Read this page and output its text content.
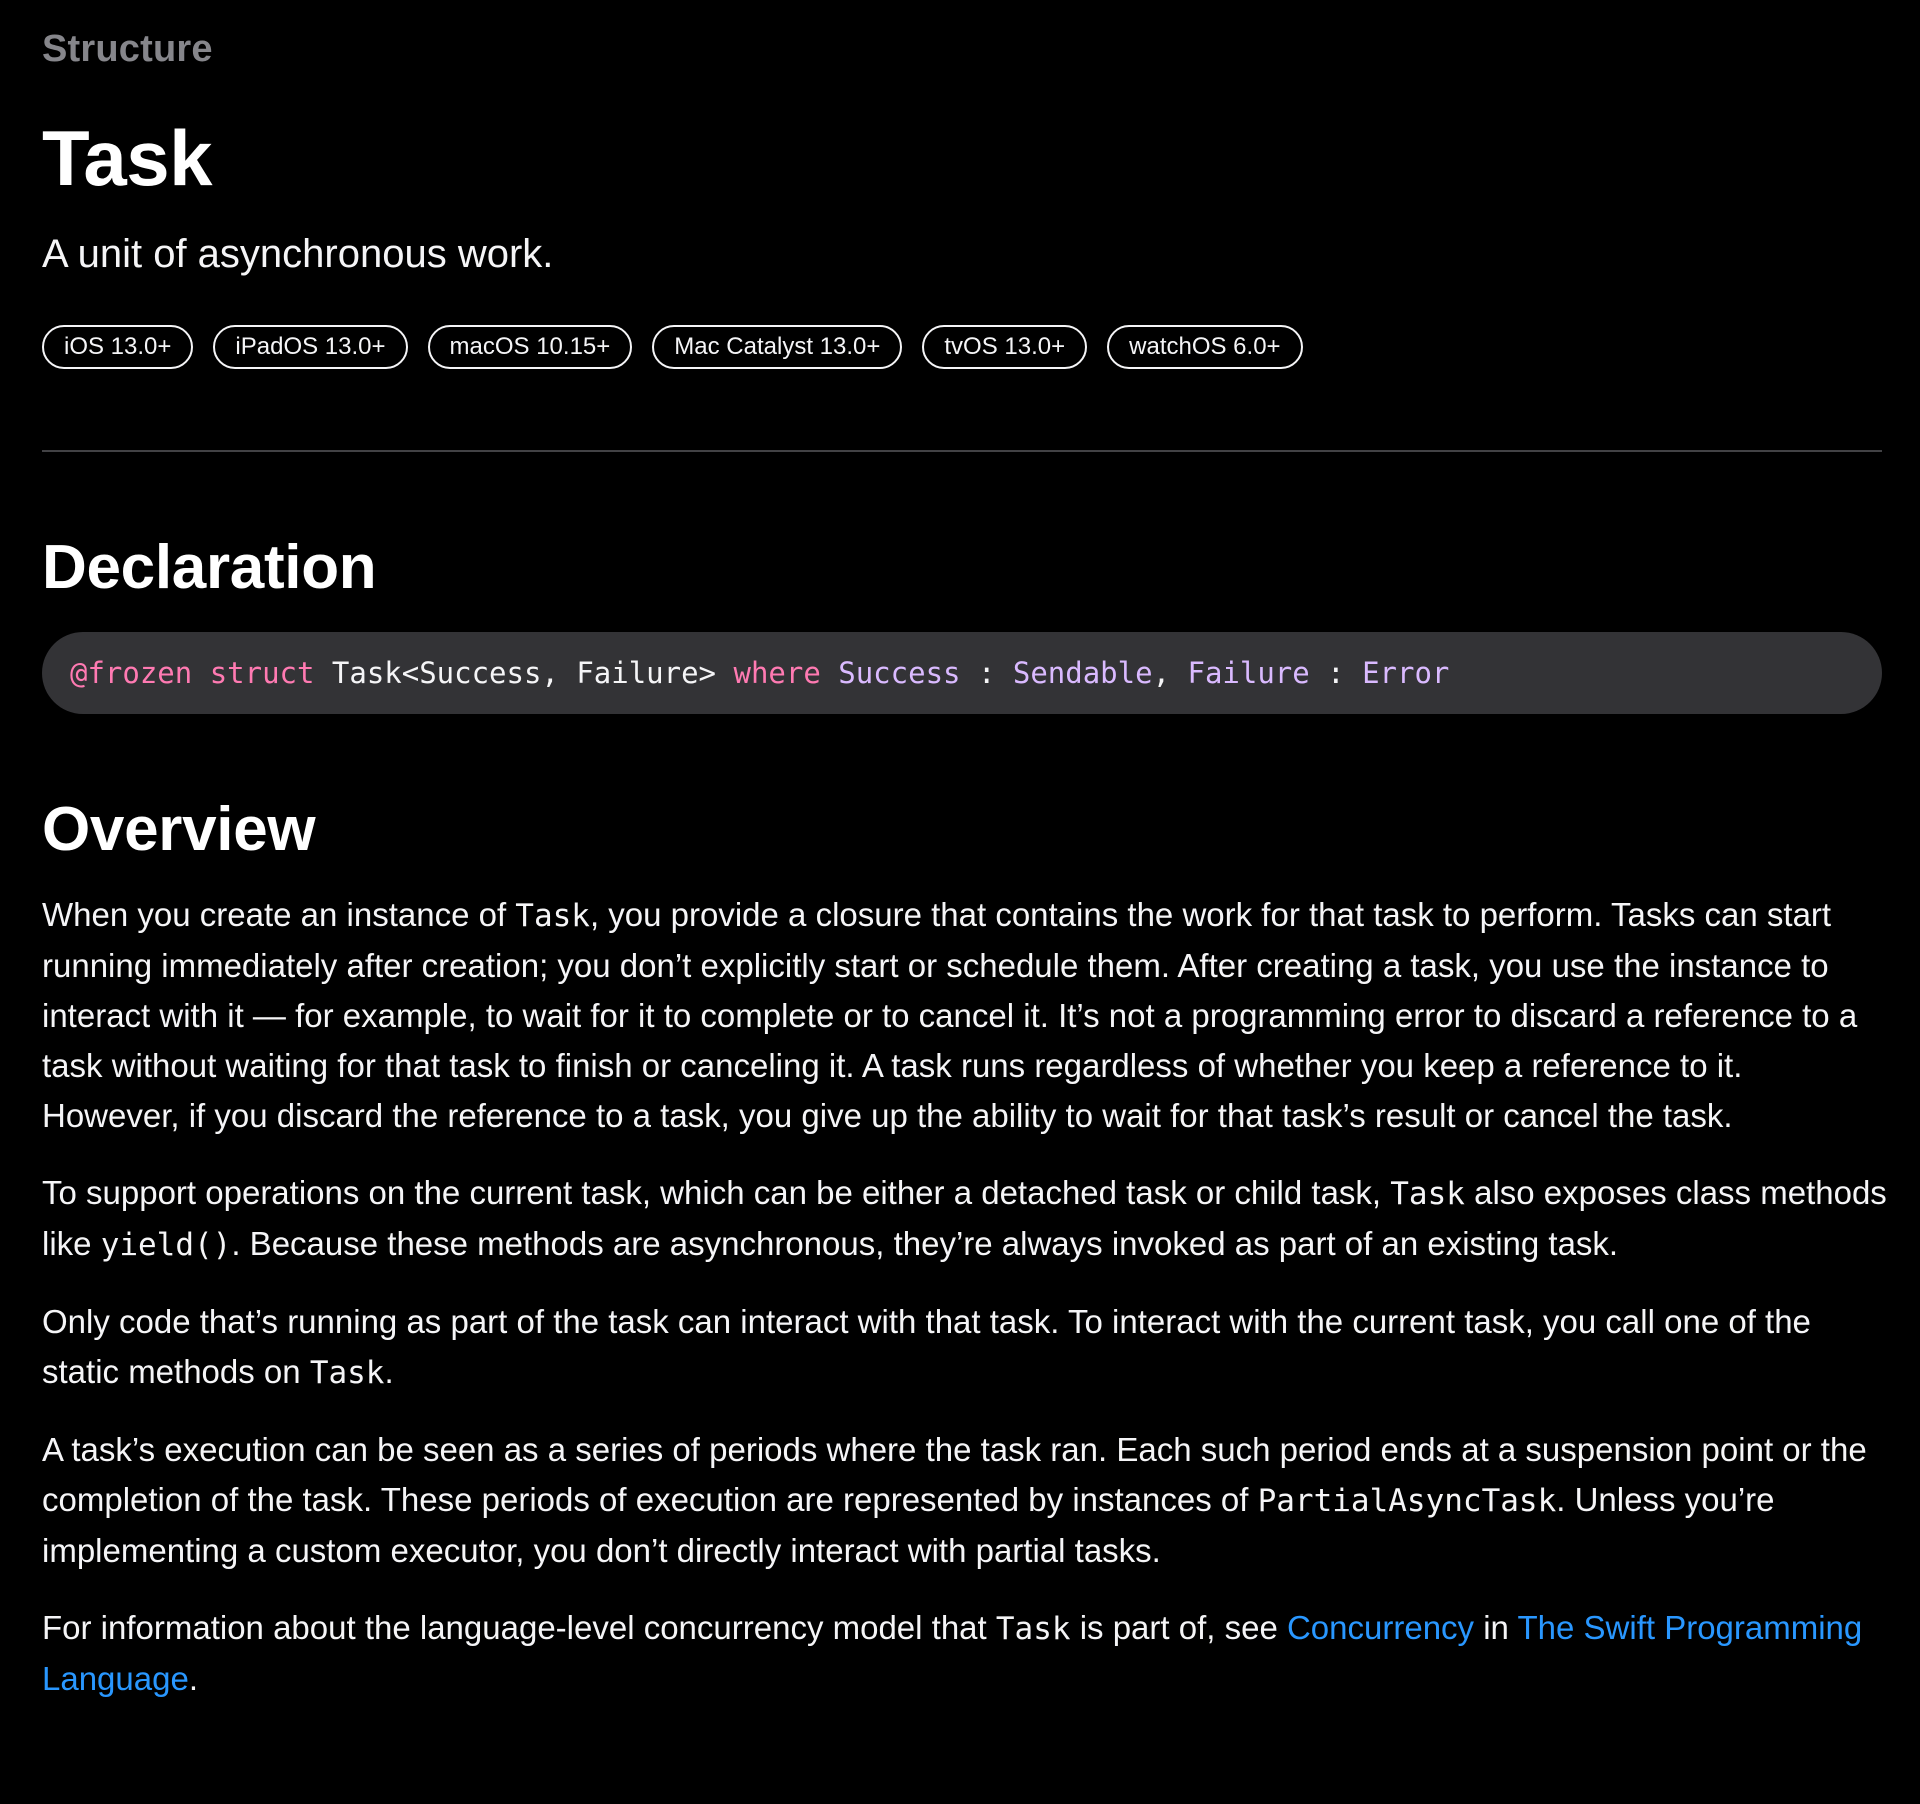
Structure
Task

A unit of asynchronous work.

iOS 13.0+	iPadOS 13.0+	macOS 10.15+	Mac Catalyst 13.0+	tvOS 13.0+	watchOS 6.0+
Declaration
@frozen struct Task<Success, Failure> where Success : Sendable, Failure : Error
Overview

When you create an instance of Task, you provide a closure that contains the work for that task to perform. Tasks can start running immediately after creation; you don’t explicitly start or schedule them. After creating a task, you use the instance to interact with it — for example, to wait for it to complete or to cancel it. It’s not a programming error to discard a reference to a task without waiting for that task to finish or canceling it. A task runs regardless of whether you keep a reference to it. However, if you discard the reference to a task, you give up the ability to wait for that task’s result or cancel the task.

To support operations on the current task, which can be either a detached task or child task, Task also exposes class methods like yield(). Because these methods are asynchronous, they’re always invoked as part of an existing task.

Only code that’s running as part of the task can interact with that task. To interact with the current task, you call one of the static methods on Task.

A task’s execution can be seen as a series of periods where the task ran. Each such period ends at a suspension point or the completion of the task. These periods of execution are represented by instances of PartialAsyncTask. Unless you’re implementing a custom executor, you don’t directly interact with partial tasks.

For information about the language-level concurrency model that Task is part of, see Concurrency in The Swift Programming Language.
